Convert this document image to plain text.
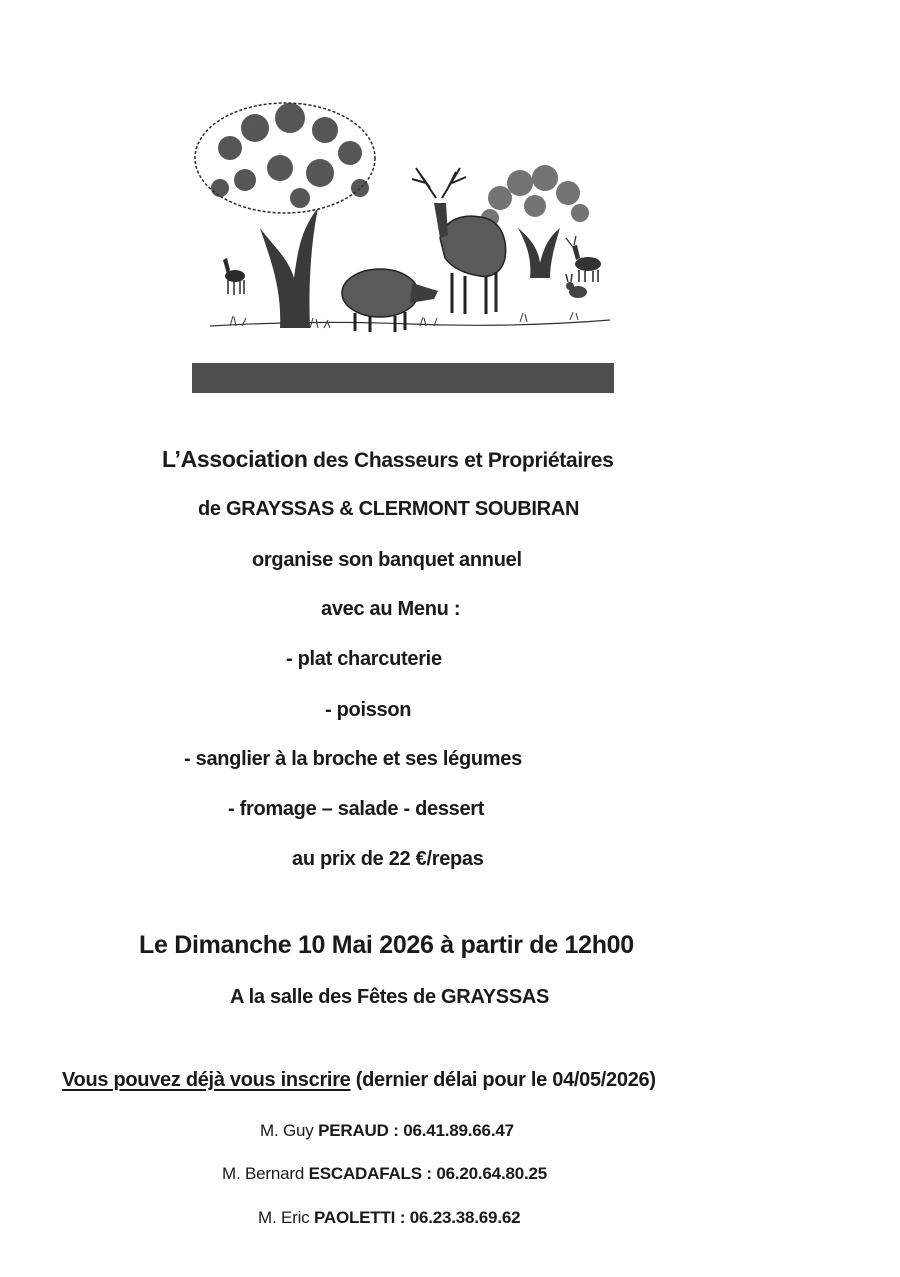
L’Association des Chasseurs et Propriétaires
de GRAYSSAS & CLERMONT SOUBIRAN
organise son banquet annuel
avec au Menu :
- plat charcuterie
- poisson
- sanglier à la broche et ses légumes
- fromage – salade - dessert
au prix de 22 €/repas
Le Dimanche 10 Mai 2026 à partir de 12h00
A la salle des Fêtes de GRAYSSAS
Vous pouvez déjà vous inscrire (dernier délai pour le 04/05/2026)
M. Guy PERAUD : 06.41.89.66.47
M. Bernard ESCADAFALS : 06.20.64.80.25
M. Eric PAOLETTI : 06.23.38.69.62
